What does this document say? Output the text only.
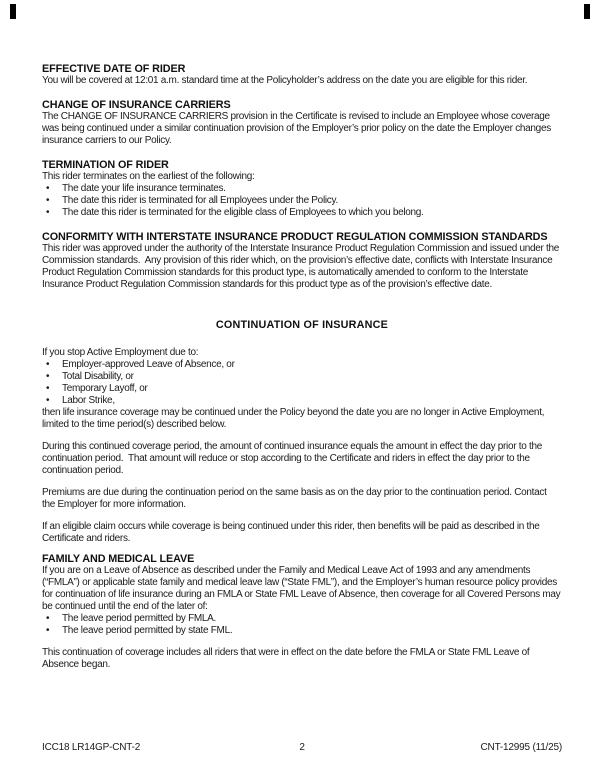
EFFECTIVE DATE OF RIDER

You will be covered at 12:01 a.m. standard time at the Policyholder’s address on the date you are eligible for this rider.

CHANGE OF INSURANCE CARRIERS

The CHANGE OF INSURANCE CARRIERS provision in the Certificate is revised to include an Employee whose coverage was being continued under a similar continuation provision of the Employer’s prior policy on the date the Employer changes insurance carriers to our Policy.

TERMINATION OF RIDER

This rider terminates on the earliest of the following:

• The date your life insurance terminates.
• The date this rider is terminated for all Employees under the Policy.
• The date this rider is terminated for the eligible class of Employees to which you belong.
CONFORMITY WITH INTERSTATE INSURANCE PRODUCT REGULATION COMMISSION STANDARDS

This rider was approved under the authority of the Interstate Insurance Product Regulation Commission and issued under the Commission standards.  Any provision of this rider which, on the provision’s effective date, conflicts with Interstate Insurance Product Regulation Commission standards for this product type, is automatically amended to conform to the Interstate Insurance Product Regulation Commission standards for this product type as of the provision’s effective date.

CONTINUATION OF INSURANCE

If you stop Active Employment due to:

• Employer-approved Leave of Absence, or
• Total Disability, or
• Temporary Layoff, or
• Labor Strike,

then life insurance coverage may be continued under the Policy beyond the date you are no longer in Active Employment, limited to the time period(s) described below.

During this continued coverage period, the amount of continued insurance equals the amount in effect the day prior to the continuation period.  That amount will reduce or stop according to the Certificate and riders in effect the day prior to the continuation period.

Premiums are due during the continuation period on the same basis as on the day prior to the continuation period. Contact the Employer for more information.

If an eligible claim occurs while coverage is being continued under this rider, then benefits will be paid as described in the Certificate and riders.

FAMILY AND MEDICAL LEAVE

If you are on a Leave of Absence as described under the Family and Medical Leave Act of 1993 and any amendments (“FMLA”) or applicable state family and medical leave law (“State FML”), and the Employer’s human resource policy provides for continuation of life insurance during an FMLA or State FML Leave of Absence, then coverage for all Covered Persons may be continued until the end of the later of:

• The leave period permitted by FMLA.
• The leave period permitted by state FML.

This continuation of coverage includes all riders that were in effect on the date before the FMLA or State FML Leave of Absence began.

ICC18 LR14GP-CNT-2	2	CNT-12995 (11/25)
